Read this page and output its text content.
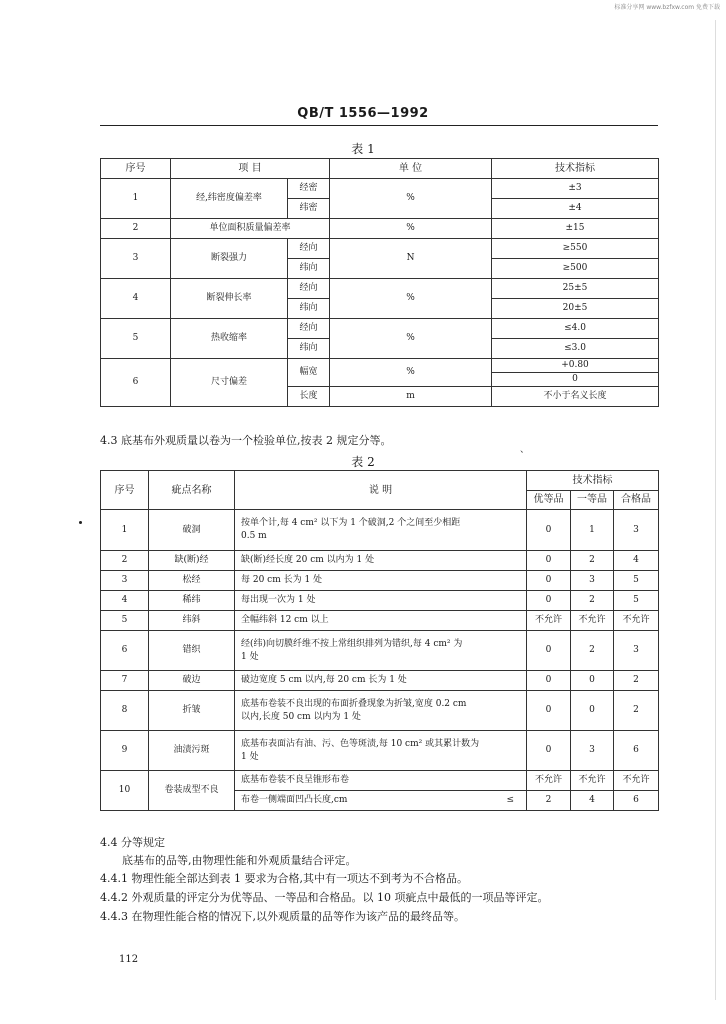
标准分享网 www.bzfxw.com 免费下载
QB/T 1556—1992
表 1
序号	项 目		单 位	技术指标
1	经,纬密度偏差率	经密	%	±3
		纬密		±4
2	单位面积质量偏差率		%	±15
3	断裂强力	经向	N	≥550
		纬向		≥500
4	断裂伸长率	经向	%	25±5
		纬向		20±5
5	热收缩率	经向	%	≤4.0
		纬向		≤3.0
6	尺寸偏差	幅宽	%	+0.80
				0
		长度	m	不小于名义长度
4.3 底基布外观质量以卷为一个检验单位,按表 2 规定分等。
、
表 2
序号	疵点名称	说 明	技术指标		
			优等品	一等品	合格品
1	破洞	按单个计,每 4 cm² 以下为 1 个破洞,2 个之间至少相距
0.5 m	0	1	3
2	缺(断)经	缺(断)经长度 20 cm 以内为 1 处	0	2	4
3	松经	每 20 cm 长为 1 处	0	3	5
4	稀纬	每出现一次为 1 处	0	2	5
5	纬斜	全幅纬斜 12 cm 以上	不允许	不允许	不允许
6	错织	经(纬)向切膜纤维不按上常组织排列为错织,每 4 cm² 为
1 处	0	2	3
7	破边	破边宽度 5 cm 以内,每 20 cm 长为 1 处	0	0	2
8	折皱	底基布卷装不良出现的布面折叠现象为折皱,宽度 0.2 cm
以内,长度 50 cm 以内为 1 处	0	0	2
9	油渍污斑	底基布表面沾有油、污、色等斑渍,每 10 cm² 或其累计数为
1 处	0	3	6
10	卷装成型不良	底基布卷装不良呈锥形布卷	不允许	不允许	不允许
		布卷一侧端面凹凸长度,cm ≤	2	4	6
4.4 分等规定
底基布的品等,由物理性能和外观质量结合评定。
4.4.1 物理性能全部达到表 1 要求为合格,其中有一项达不到考为不合格品。
4.4.2 外观质量的评定分为优等品、一等品和合格品。以 10 项疵点中最低的一项品等评定。
4.4.3 在物理性能合格的情况下,以外观质量的品等作为该产品的最终品等。
112
